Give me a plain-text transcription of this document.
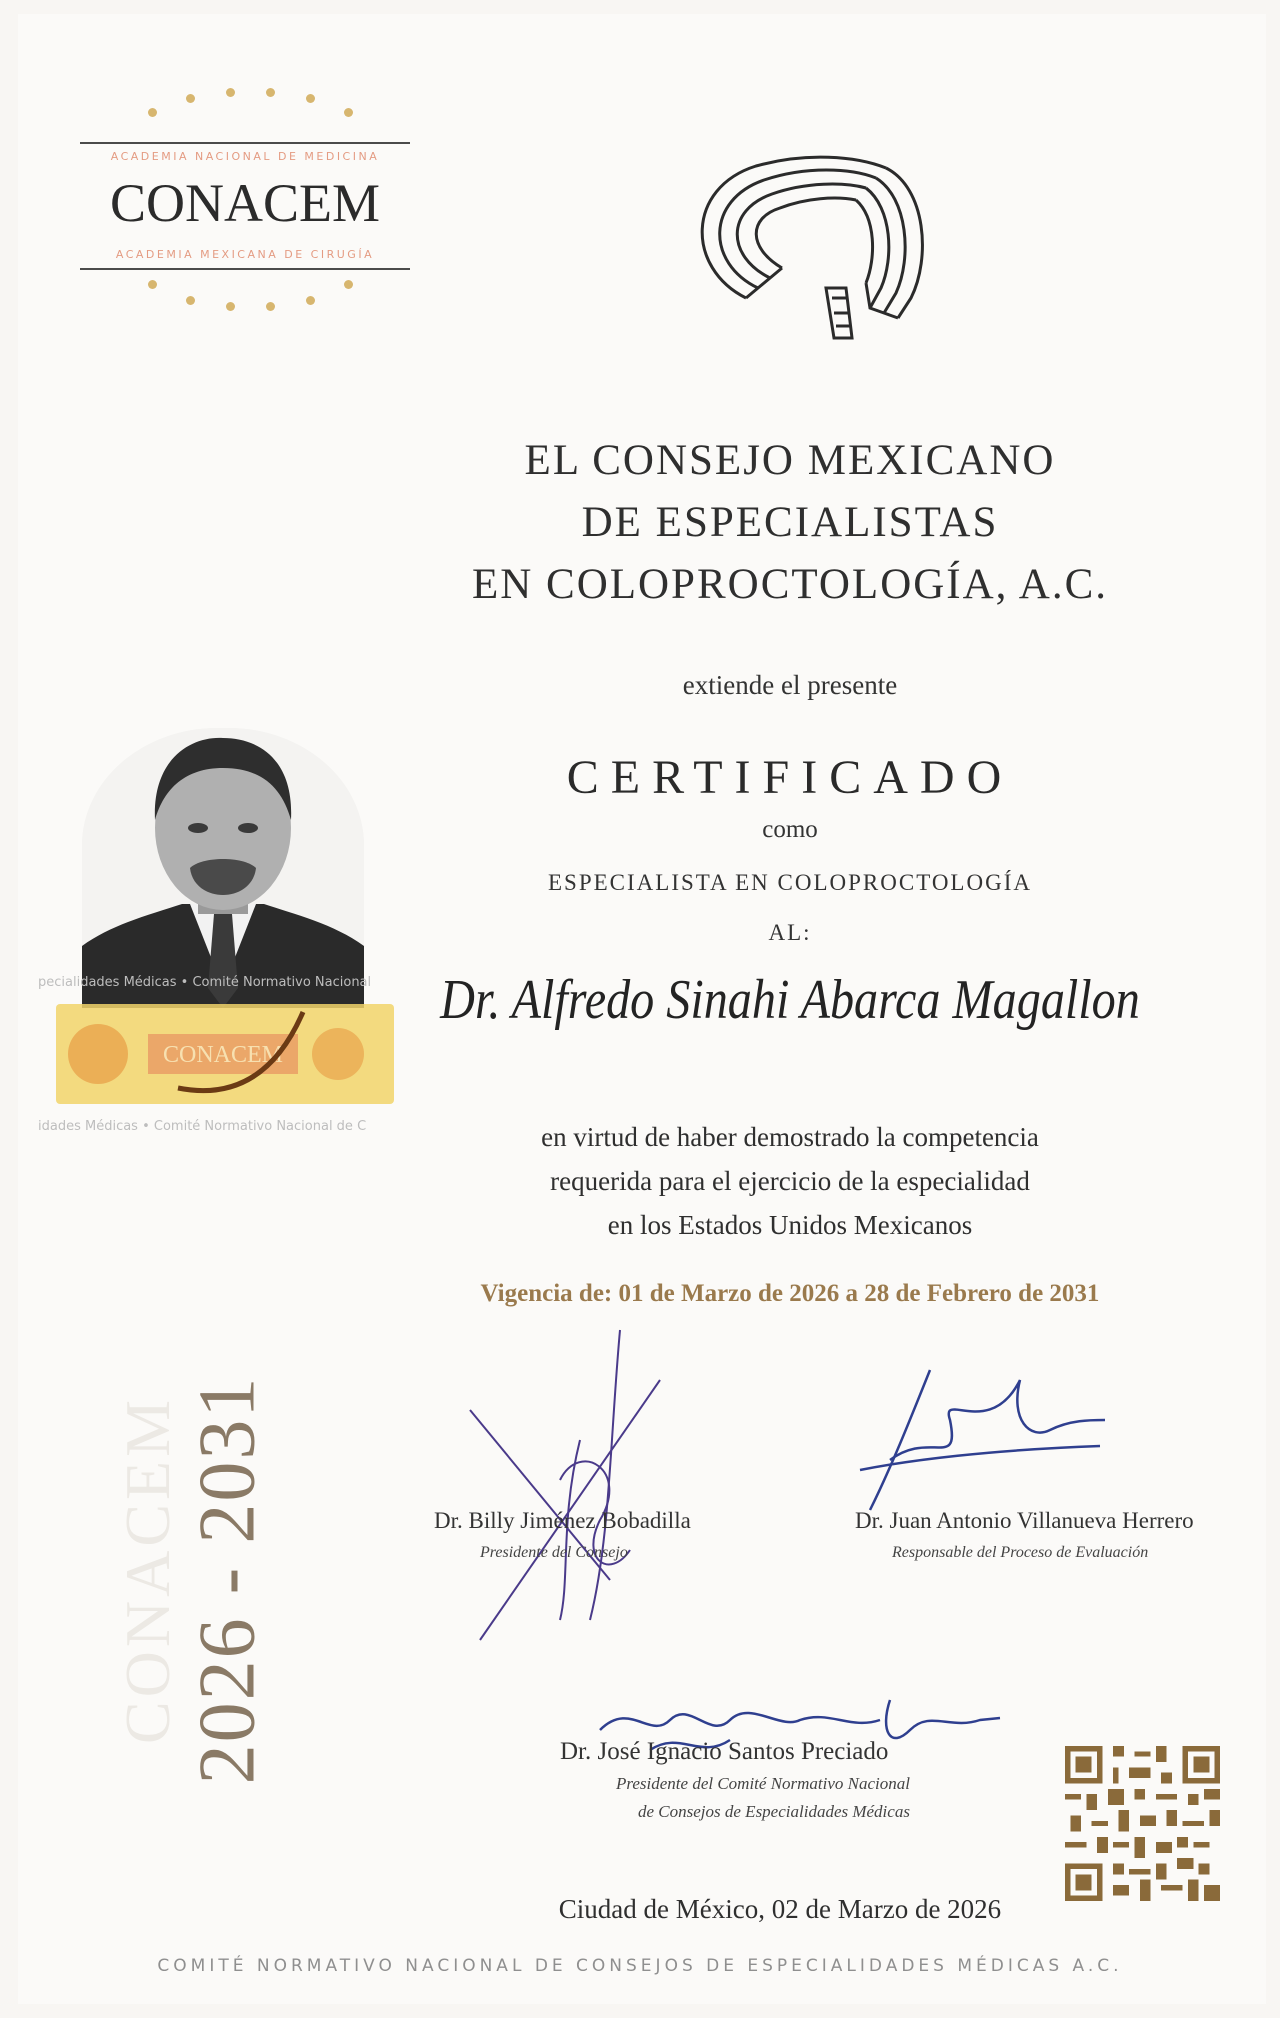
ACADEMIA NACIONAL DE MEDICINA
CONACEM
ACADEMIA MEXICANA DE CIRUGÍA
EL CONSEJO MEXICANO
DE ESPECIALISTAS
EN COLOPROCTOLOGÍA, A.C.
extiende el presente
CERTIFICADO
como
ESPECIALISTA EN COLOPROCTOLOGÍA
AL:
Dr. Alfredo Sinahi Abarca Magallon
en virtud de haber demostrado la competencia
requerida para el ejercicio de la especialidad
en los Estados Unidos Mexicanos
Vigencia de: 01 de Marzo de 2026 a 28 de Febrero de 2031
pecialidades Médicas • Comité Normativo Nacional
idades Médicas • Comité Normativo Nacional de C
CONACEM
CONACEM 2026 - 2031	Dr. Billy Jiménez Bobadilla
Presidente del Consejo
Dr. Juan Antonio Villanueva Herrero
Responsable del Proceso de Evaluación
Dr. José Ignacio Santos Preciado
Presidente del Comité Normativo Nacional
de Consejos de Especialidades Médicas
Ciudad de México, 02 de Marzo de 2026
COMITÉ NORMATIVO NACIONAL DE CONSEJOS DE ESPECIALIDADES MÉDICAS A.C.
